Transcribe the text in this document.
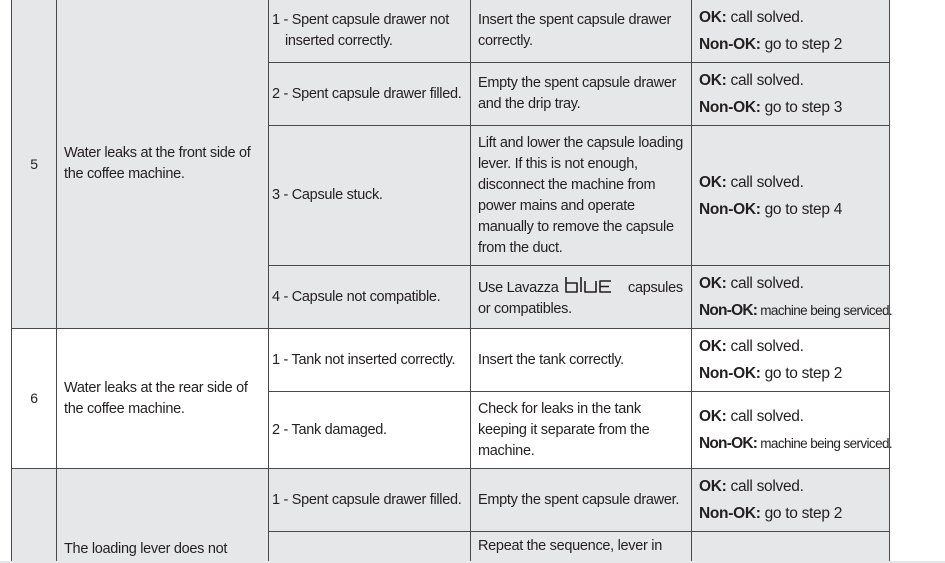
5	Water leaks at the front side of the coffee machine.	1 - Spent capsule drawer not inserted correctly.	Insert the spent capsule drawer correctly.	OK: call solved.
Non-OK: go to step 2

		2 - Spent capsule drawer filled.	Empty the spent capsule drawer and the drip tray.	OK: call solved.
Non-OK: go to step 3

		3 - Capsule stuck.	Lift and lower the capsule loading lever. If this is not enough, disconnect the machine from power mains and operate manually to remove the capsule from the duct.	OK: call solved.
Non-OK: go to step 4

		4 - Capsule not compatible.	Use Lavazza capsules or compatibles.	OK: call solved.
Non-OK: machine being serviced.

6	Water leaks at the rear side of the coffee machine.	1 - Tank not inserted correctly.	Insert the tank correctly.	OK: call solved.
Non-OK: go to step 2

		2 - Tank damaged.	Check for leaks in the tank keeping it separate from the machine.	OK: call solved.
Non-OK: machine being serviced.

	The loading lever does not	1 - Spent capsule drawer filled.	Empty the spent capsule drawer.	OK: call solved.
Non-OK: go to step 2

			Repeat the sequence, lever in	
